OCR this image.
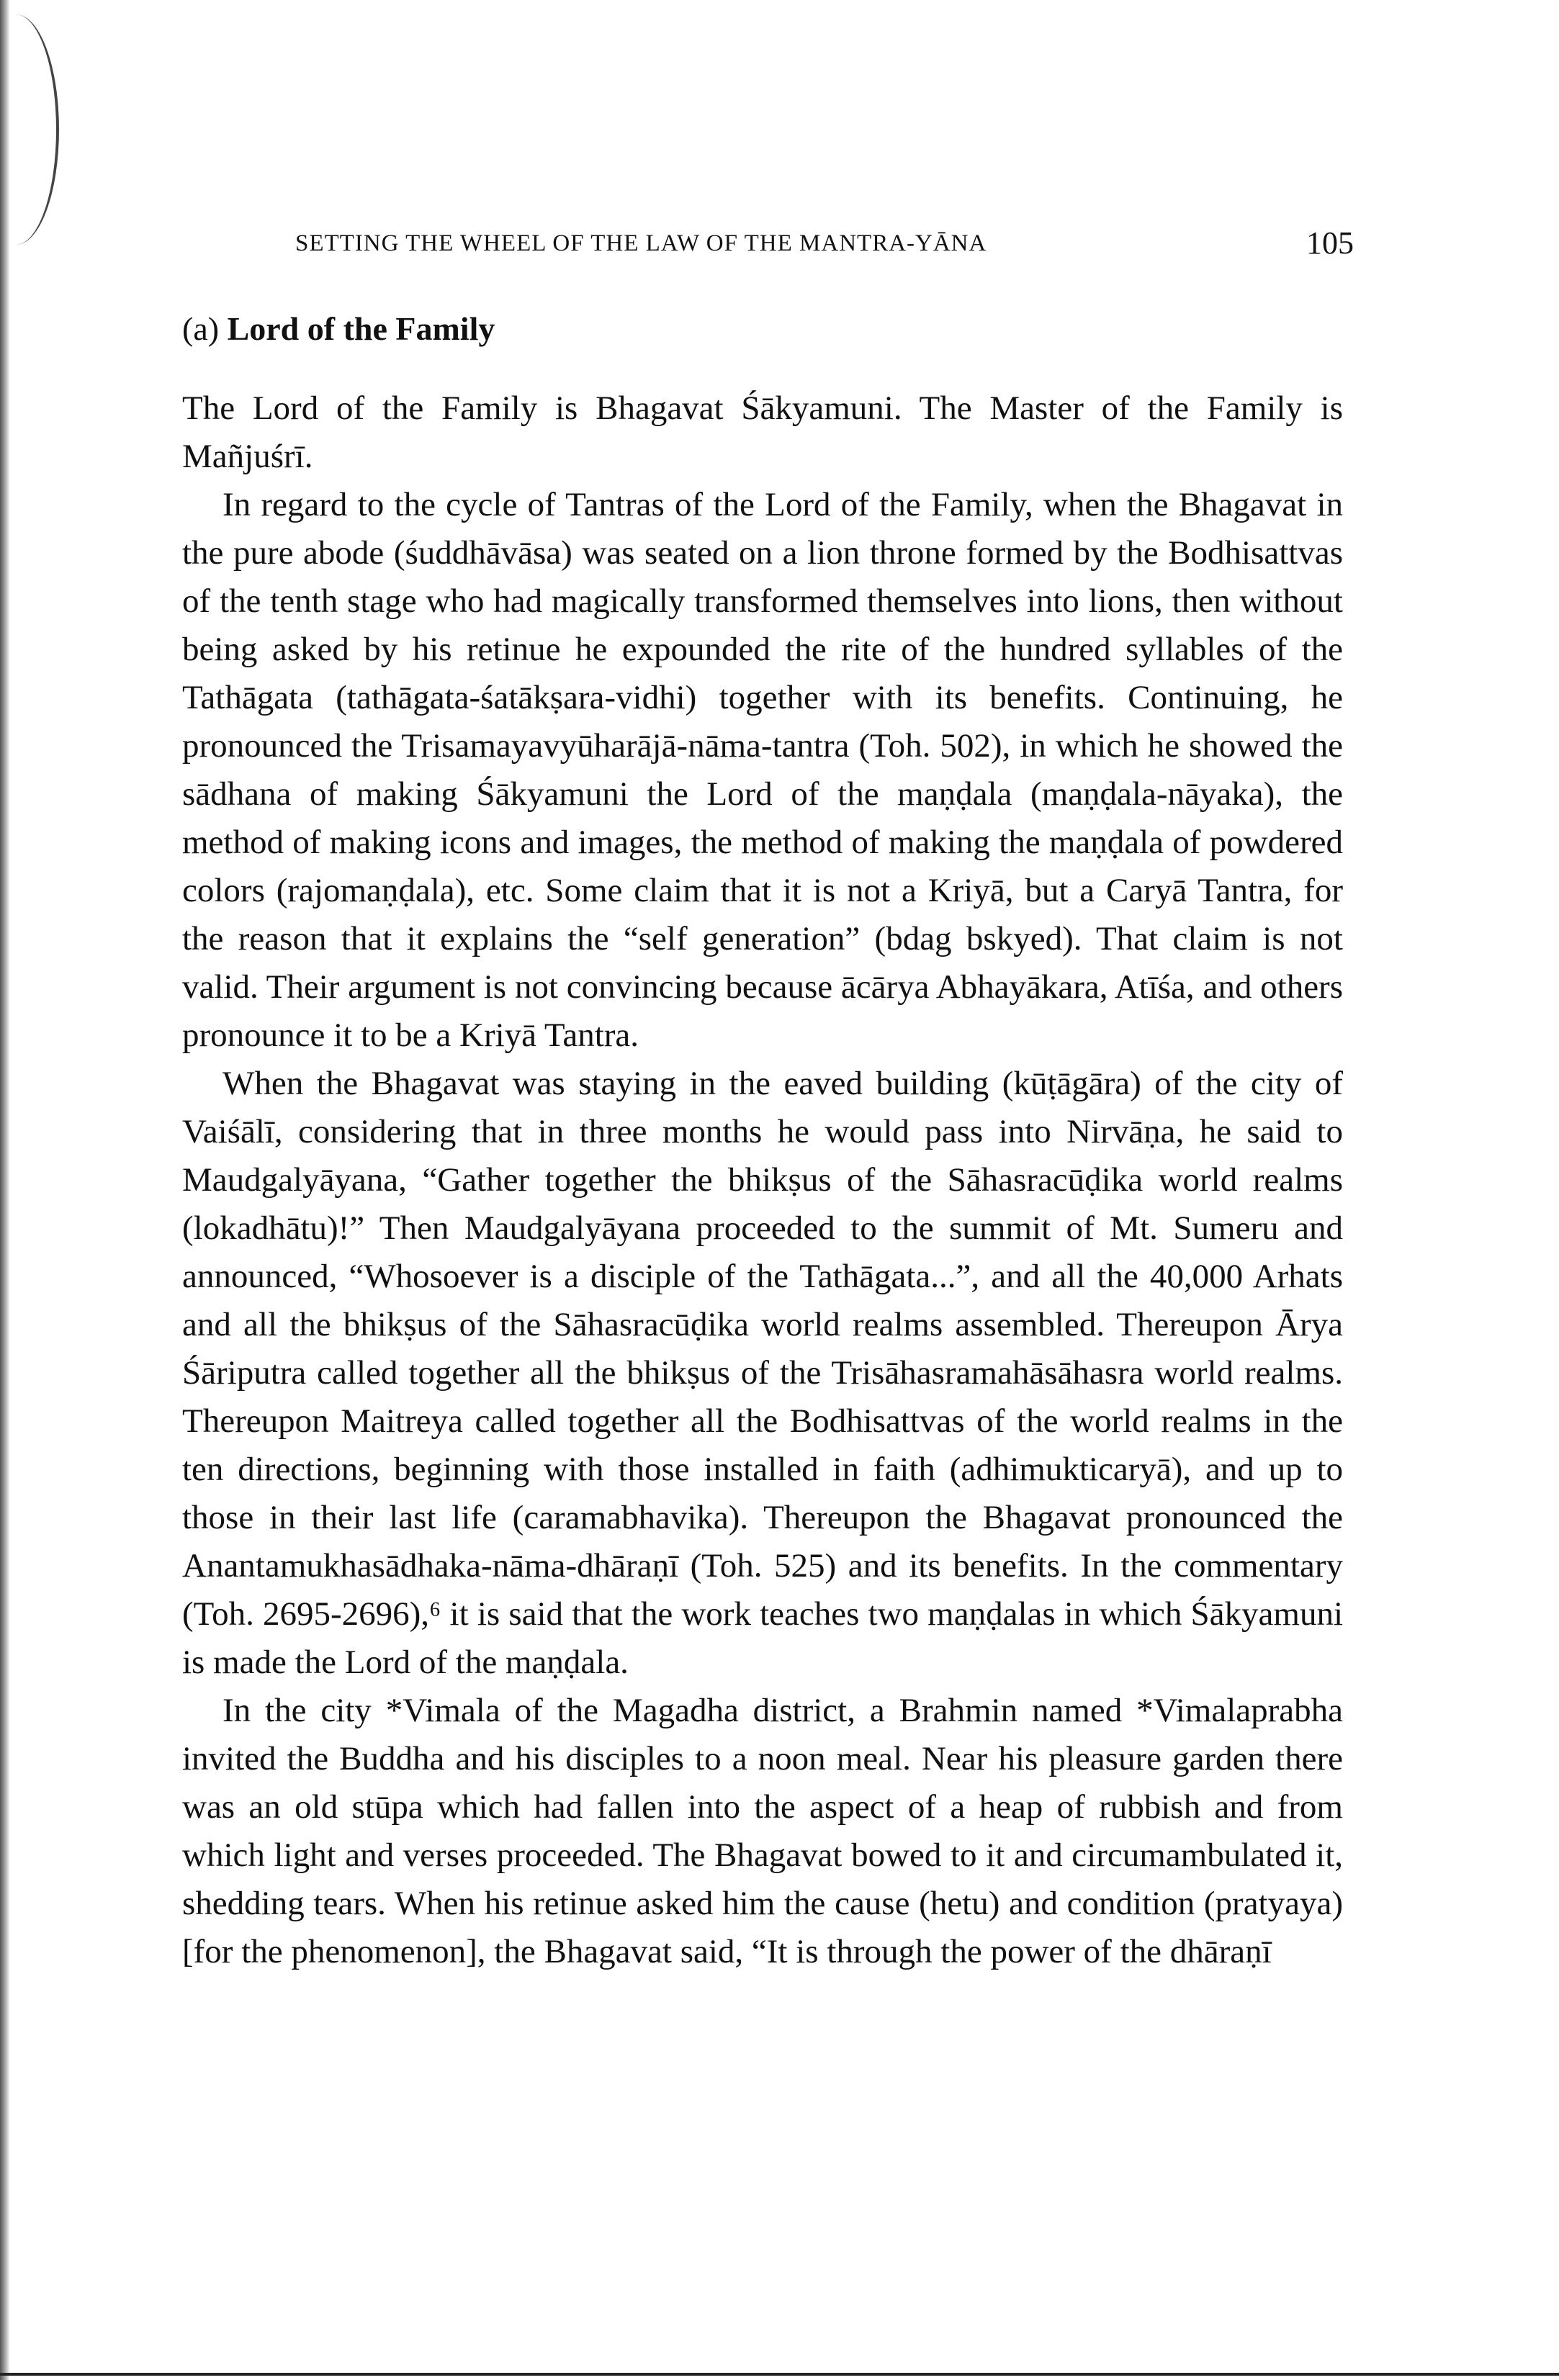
SETTING THE WHEEL OF THE LAW OF THE MANTRA-YĀNA	105
(a) Lord of the Family

The Lord of the Family is Bhagavat Śākyamuni. The Master of the Family is Mañjuśrī.

In regard to the cycle of Tantras of the Lord of the Family, when the Bhagavat in the pure abode (śuddhāvāsa) was seated on a lion throne formed by the Bodhisattvas of the tenth stage who had magically transformed themselves into lions, then without being asked by his retinue he expounded the rite of the hundred syllables of the Tathāgata (tathāgata-śatākṣara-vidhi) together with its benefits. Continuing, he pronounced the Trisamayavyūharājā-nāma-tantra (Toh. 502), in which he showed the sādhana of making Śākyamuni the Lord of the maṇḍala (maṇḍala-nāyaka), the method of making icons and images, the method of making the maṇḍala of powdered colors (rajomaṇḍala), etc. Some claim that it is not a Kriyā, but a Caryā Tantra, for the reason that it explains the “self generation” (bdag bskyed). That claim is not valid. Their argument is not convincing because ācārya Abhayākara, Atīśa, and others pronounce it to be a Kriyā Tantra.

When the Bhagavat was staying in the eaved building (kūṭāgāra) of the city of Vaiśālī, considering that in three months he would pass into Nirvāṇa, he said to Maudgalyāyana, “Gather together the bhikṣus of the Sāhasracūḍika world realms (lokadhātu)!” Then Maudgalyāyana proceeded to the summit of Mt. Sumeru and announced, “Whosoever is a disciple of the Tathāgata...”, and all the 40,000 Arhats and all the bhikṣus of the Sāhasracūḍika world realms assembled. Thereupon Ārya Śāriputra called together all the bhikṣus of the Trisāhasramahāsāhasra world realms. Thereupon Maitreya called together all the Bodhisattvas of the world realms in the ten directions, beginning with those installed in faith (adhimukticaryā), and up to those in their last life (caramabhavika). Thereupon the Bhagavat pronounced the Anantamukhasādhaka-nāma-dhāraṇī (Toh. 525) and its benefits. In the commentary (Toh. 2695-2696),⁶ it is said that the work teaches two maṇḍalas in which Śākyamuni is made the Lord of the maṇḍala.

In the city *Vimala of the Magadha district, a Brahmin named *Vimalaprabha invited the Buddha and his disciples to a noon meal. Near his pleasure garden there was an old stūpa which had fallen into the aspect of a heap of rubbish and from which light and verses proceeded. The Bhagavat bowed to it and circumambulated it, shedding tears. When his retinue asked him the cause (hetu) and condition (pratyaya) [for the phenomenon], the Bhagavat said, “It is through the power of the dhāraṇī
